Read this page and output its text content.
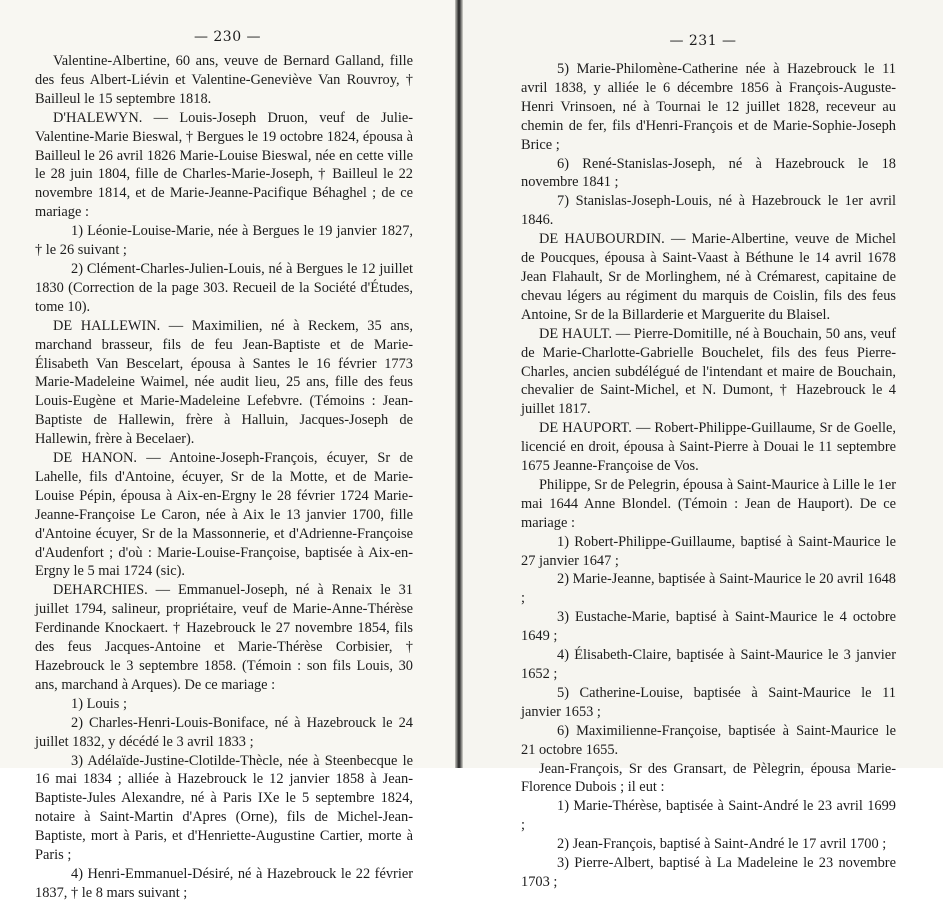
— 230 —

Valentine-Albertine, 60 ans, veuve de Bernard Galland, fille des feus Albert-Liévin et Valentine-Geneviève Van Rouvroy, † Bailleul le 15 septembre 1818.

D'HALEWYN. — Louis-Joseph Druon, veuf de Julie-Valentine-Marie Bieswal, † Bergues le 19 octobre 1824, épousa à Bailleul le 26 avril 1826 Marie-Louise Bieswal, née en cette ville le 28 juin 1804, fille de Charles-Marie-Joseph, † Bailleul le 22 novembre 1814, et de Marie-Jeanne-Pacifique Béhaghel ; de ce mariage :

1) Léonie-Louise-Marie, née à Bergues le 19 janvier 1827, † le 26 suivant ;

2) Clément-Charles-Julien-Louis, né à Bergues le 12 juillet 1830 (Correction de la page 303. Recueil de la Société d'Études, tome 10).

DE HALLEWIN. — Maximilien, né à Reckem, 35 ans, marchand brasseur, fils de feu Jean-Baptiste et de Marie-Élisabeth Van Bescelart, épousa à Santes le 16 février 1773 Marie-Madeleine Waimel, née audit lieu, 25 ans, fille des feus Louis-Eugène et Marie-Madeleine Lefebvre. (Témoins : Jean-Baptiste de Hallewin, frère à Halluin, Jacques-Joseph de Hallewin, frère à Becelaer).

DE HANON. — Antoine-Joseph-François, écuyer, Sr de Lahelle, fils d'Antoine, écuyer, Sr de la Motte, et de Marie-Louise Pépin, épousa à Aix-en-Ergny le 28 février 1724 Marie-Jeanne-Françoise Le Caron, née à Aix le 13 janvier 1700, fille d'Antoine écuyer, Sr de la Massonnerie, et d'Adrienne-Françoise d'Audenfort ; d'où : Marie-Louise-Françoise, baptisée à Aix-en-Ergny le 5 mai 1724 (sic).

DEHARCHIES. — Emmanuel-Joseph, né à Renaix le 31 juillet 1794, salineur, propriétaire, veuf de Marie-Anne-Thérèse Ferdinande Knockaert. † Hazebrouck le 27 novembre 1854, fils des feus Jacques-Antoine et Marie-Thérèse Corbisier, † Hazebrouck le 3 septembre 1858. (Témoin : son fils Louis, 30 ans, marchand à Arques). De ce mariage :

1) Louis ;

2) Charles-Henri-Louis-Boniface, né à Hazebrouck le 24 juillet 1832, y décédé le 3 avril 1833 ;

3) Adélaïde-Justine-Clotilde-Thècle, née à Steenbecque le 16 mai 1834 ; alliée à Hazebrouck le 12 janvier 1858 à Jean-Baptiste-Jules Alexandre, né à Paris IXe le 5 septembre 1824, notaire à Saint-Martin d'Apres (Orne), fils de Michel-Jean-Baptiste, mort à Paris, et d'Henriette-Augustine Cartier, morte à Paris ;

4) Henri-Emmanuel-Désiré, né à Hazebrouck le 22 février 1837, † le 8 mars suivant ;

— 231 —

5) Marie-Philomène-Catherine née à Hazebrouck le 11 avril 1838, y alliée le 6 décembre 1856 à François-Auguste-Henri Vrinsoen, né à Tournai le 12 juillet 1828, receveur au chemin de fer, fils d'Henri-François et de Marie-Sophie-Joseph Brice ;

6) René-Stanislas-Joseph, né à Hazebrouck le 18 novembre 1841 ;

7) Stanislas-Joseph-Louis, né à Hazebrouck le 1er avril 1846.

DE HAUBOURDIN. — Marie-Albertine, veuve de Michel de Poucques, épousa à Saint-Vaast à Béthune le 14 avril 1678 Jean Flahault, Sr de Morlinghem, né à Crémarest, capitaine de chevau légers au régiment du marquis de Coislin, fils des feus Antoine, Sr de la Billarderie et Marguerite du Blaisel.

DE HAULT. — Pierre-Domitille, né à Bouchain, 50 ans, veuf de Marie-Charlotte-Gabrielle Bouchelet, fils des feus Pierre-Charles, ancien subdélégué de l'intendant et maire de Bouchain, chevalier de Saint-Michel, et N. Dumont, † Hazebrouck le 4 juillet 1817.

DE HAUPORT. — Robert-Philippe-Guillaume, Sr de Goelle, licencié en droit, épousa à Saint-Pierre à Douai le 11 septembre 1675 Jeanne-Françoise de Vos.

Philippe, Sr de Pelegrin, épousa à Saint-Maurice à Lille le 1er mai 1644 Anne Blondel. (Témoin : Jean de Hauport). De ce mariage :

1) Robert-Philippe-Guillaume, baptisé à Saint-Maurice le 27 janvier 1647 ;

2) Marie-Jeanne, baptisée à Saint-Maurice le 20 avril 1648 ;

3) Eustache-Marie, baptisé à Saint-Maurice le 4 octobre 1649 ;

4) Élisabeth-Claire, baptisée à Saint-Maurice le 3 janvier 1652 ;

5) Catherine-Louise, baptisée à Saint-Maurice le 11 janvier 1653 ;

6) Maximilienne-Françoise, baptisée à Saint-Maurice le 21 octobre 1655.

Jean-François, Sr des Gransart, de Pèlegrin, épousa Marie-Florence Dubois ; il eut :

1) Marie-Thérèse, baptisée à Saint-André le 23 avril 1699 ;

2) Jean-François, baptisé à Saint-André le 17 avril 1700 ;

3) Pierre-Albert, baptisé à La Madeleine le 23 novembre 1703 ;
